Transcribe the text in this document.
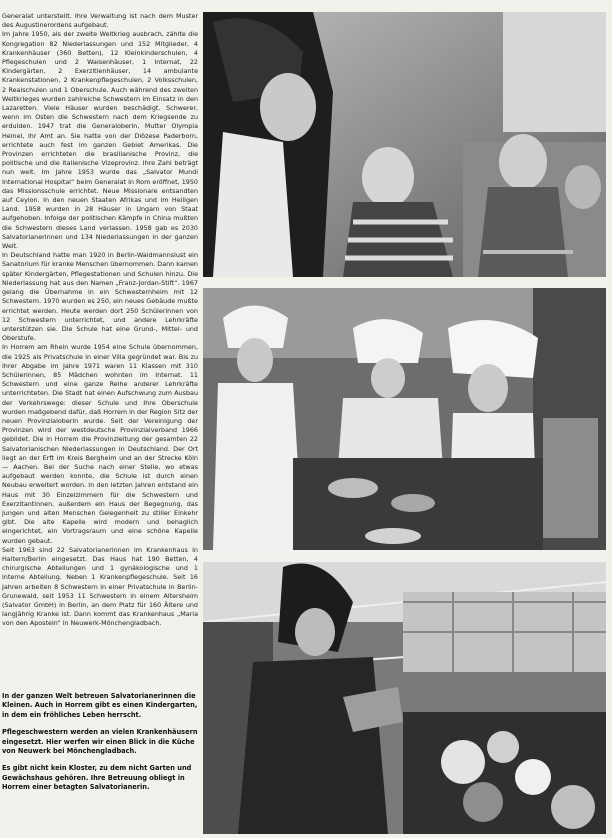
Generalat unterstellt. Ihre Verwaltung ist nach dem Muster des Augustinerordens aufgebaut.

Im Jahre 1950, als der zweite Weltkrieg ausbrach, zählte die Kongregation 82 Niederlassungen und 152 Mitglieder, 4 Krankenhäuser (360 Betten), 12 Kleinkinderschulen, 4 Pflegeschulen und 2 Waisenhäuser, 1 Internat, 22 Kindergärten, 2 Exerzitienhäuser, 14 ambulante Krankenstationen, 2 Krankenpflegeschulen, 2 Volksschulen, 2 Realschulen und 1 Oberschule. Auch während des zweiten Weltkrieges wurden zahlreiche Schwestern im Einsatz in den Lazaretten. Viele Häuser wurden beschädigt. Schwerer, wenn im Osten die Schwestern nach dem Kriegsende zu erdulden. 1947 trat die Generaloberin, Mutter Olympia Heinel, ihr Amt an. Sie hatte von der Diözese Paderborn, errichtete auch fest im ganzen Gebiet Amerikas. Die Provinzen errichteten die brasilianische Provinz, die politische und die italienische Vizeprovinz. Ihre Zahl beträgt nun weit. Im Jahre 1953 wurde das „Salvator Mundi International Hospital“ beim Generalat in Rom eröffnet, 1950 das Missionsschule errichtet. Neue Missionare entsandten auf Ceylon. In den neuen Staaten Afrikas und im Heiligen Land. 1958 wurden in 28 Häuser in Ungarn von Staat aufgehoben. Infolge der politischen Kämpfe in China mußten die Schwestern dieses Land verlassen. 1958 gab es 2030 Salvatorianerinnen und 134 Niederlassungen in der ganzen Welt.

In Deutschland hatte man 1920 in Berlin-Waidmannslust ein Sanatorium für kranke Menschen übernommen. Dann kamen später Kindergärten, Pflegestationen und Schulen hinzu. Die Niederlassung hat aus den Namen „Franz-Jordan-Stift“. 1967 gelang die Übernahme in ein Schwesternheim mit 12 Schwestern. 1970 wurden es 250, ein neues Gebäude mußte errichtet werden. Heute werden dort 250 Schülerinnen von 12 Schwestern unterrichtet, und andere Lehrkräfte unterstützen sie. Die Schule hat eine Grund-, Mittel- und Oberstufe.

In Horrem am Rhein wurde 1954 eine Schule übernommen, die 1925 als Privatschule in einer Villa gegründet war. Bis zu ihrer Abgabe im Jahre 1971 waren 11 Klassen mit 310 Schülerinnen, 85 Mädchen wohnten im Internat. 11 Schwestern und eine ganze Reihe anderer Lehrkräfte unterrichteten. Die Stadt hat einen Aufschwung zum Ausbau der Verkehrswege: dieser Schule und Ihre Oberschule wurden maßgebend dafür, daß Horrem in der Region Sitz der neuen Provinzialoberin wurde. Seit der Vereinigung der Provinzen wird der westdeutsche Provinzialverband 1966 gebildet. Die in Horrem die Provinzleitung der gesamten 22 Salvatorianischen Niederlassungen in Deutschland. Der Ort liegt an der Erft im Kreis Bergheim und an der Strecke Köln — Aachen. Bei der Suche nach einer Stelle, wo etwas aufgebaut werden konnte, die Schule ist durch einen Neubau erweitert worden. In den letzten Jahren entstand ein Haus mit 30 Einzelzimmern für die Schwestern und Exerzitantinnen, außerdem ein Haus der Begegnung, das jungen und alten Menschen Gelegenheit zu stiller Einkehr gibt. Die alte Kapelle wird modern und behaglich eingerichtet, ein Vortragsraum und eine schöne Kapelle wurden gebaut.

Seit 1963 sind 22 Salvatorianerinnen im Krankenhaus in Haltern/Berlin eingesetzt. Das Haus hat 190 Betten, 4 chirurgische Abteilungen und 1 gynäkologische und 1 interne Abteilung. Neben 1 Krankenpflegeschule. Seit 16 Jahren arbeiten 8 Schwestern in einer Privatschule in Berlin-Grunewald, seit 1953 11 Schwestern in einem Altersheim (Salvator GmbH) in Berlin, an dem Platz für 160 Ältere und langjährig Kranke ist. Dann kommt das Krankenhaus „Maria von den Aposteln“ in Neuwerk-Mönchengladbach.

In der ganzen Welt betreuen Salvatorianerinnen die Kleinen. Auch in Horrem gibt es einen Kindergarten, in dem ein fröhliches Leben herrscht.

Pflegeschwestern werden an vielen Krankenhäusern eingesetzt. Hier werfen wir einen Blick in die Küche von Neuwerk bei Mönchengladbach.

Es gibt nicht kein Kloster, zu dem nicht Garten und Gewächshaus gehören. Ihre Betreuung obliegt in Horrem einer betagten Salvatorianerin.
